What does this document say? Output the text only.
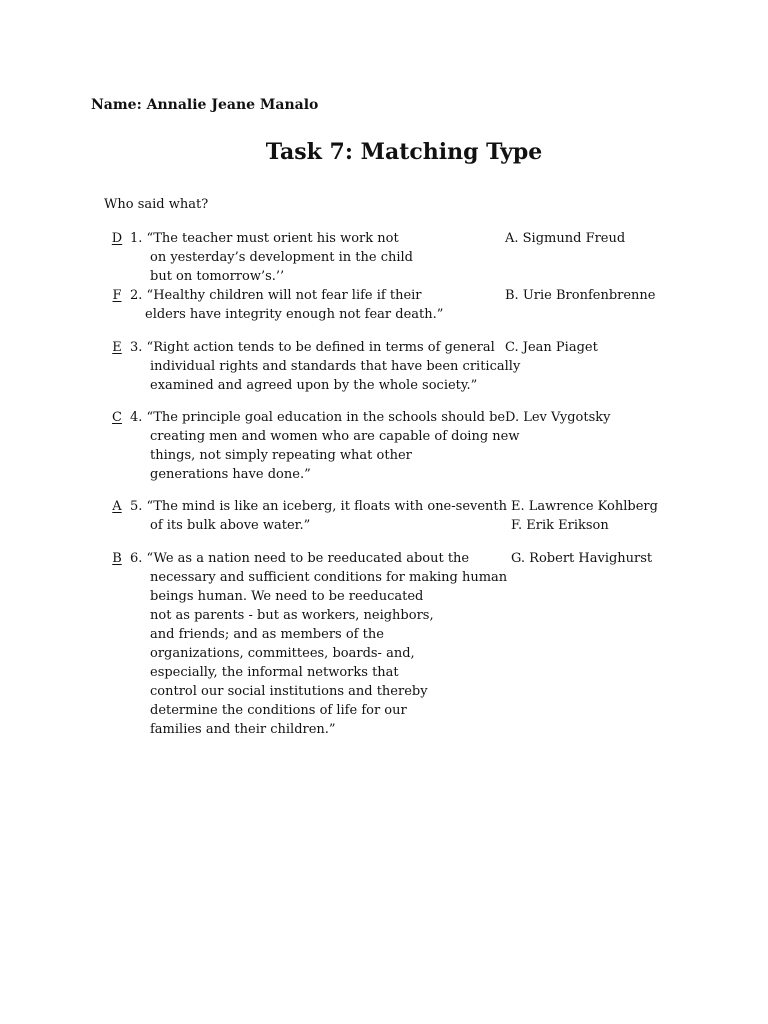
Name: Annalie Jeane Manalo
Task 7: Matching Type
Who said what?
D 1. “The teacher must orient his work not
on yesterday’s development in the child
but on tomorrow’s.’’
F 2. “Healthy children will not fear life if their
elders have integrity enough not fear death.”
E 3. “Right action tends to be defined in terms of general
individual rights and standards that have been critically
examined and agreed upon by the whole society.”
C 4. “The principle goal education in the schools should be
creating men and women who are capable of doing new
things, not simply repeating what other
generations have done.”
A 5. “The mind is like an iceberg, it floats with one-seventh
of its bulk above water.”
B 6. “We as a nation need to be reeducated about the
necessary and sufficient conditions for making human
beings human. We need to be reeducated
not as parents - but as workers, neighbors,
and friends; and as members of the
organizations, committees, boards- and,
especially, the informal networks that
control our social institutions and thereby
determine the conditions of life for our
families and their children.”
A. Sigmund Freud
B. Urie Bronfenbrenne
C. Jean Piaget
D. Lev Vygotsky
E. Lawrence Kohlberg
F. Erik Erikson
G. Robert Havighurst
